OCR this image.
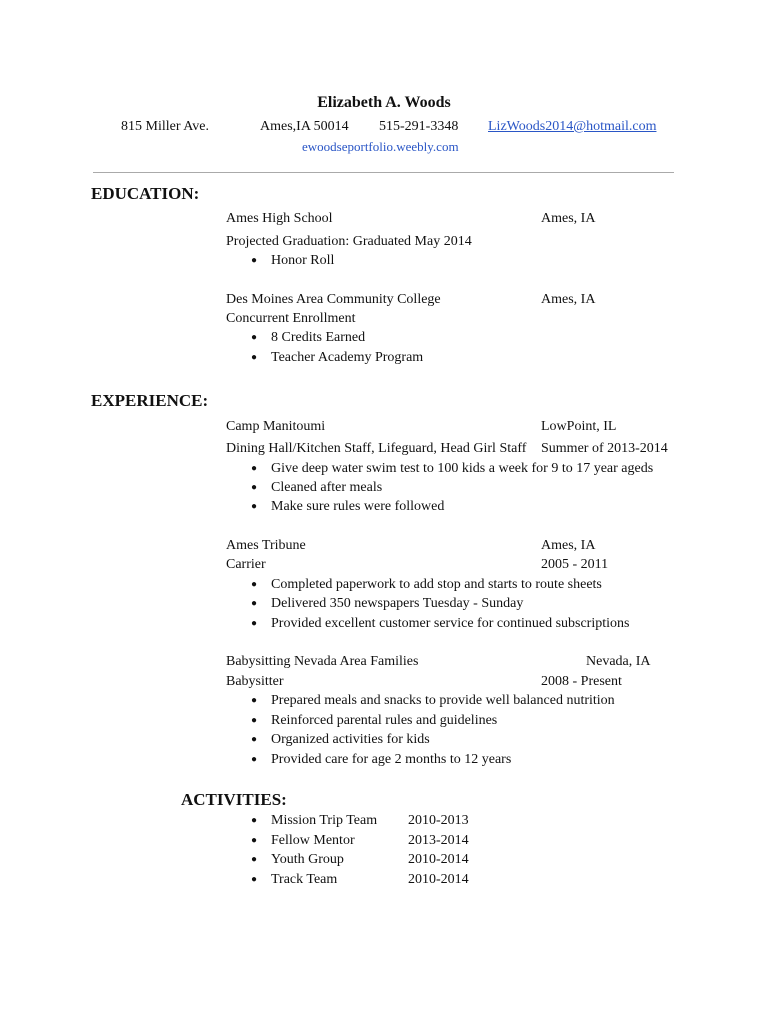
Elizabeth A. Woods
815 Miller Ave.	Ames,IA 50014 515-291-3348 LizWoods2014@hotmail.com
ewoodseportfolio.weebly.com
EDUCATION:
Ames High School	Ames, IA
Projected Graduation: Graduated May 2014
● Honor Roll
Des Moines Area Community College	Ames, IA
Concurrent Enrollment
● 8 Credits Earned
● Teacher Academy Program
EXPERIENCE:
Camp Manitoumi	LowPoint, IL
Dining Hall/Kitchen Staff, Lifeguard, Head Girl Staff Summer of 2013-2014
● Give deep water swim test to 100 kids a week for 9 to 17 year ageds
● Cleaned after meals
● Make sure rules were followed
Ames Tribune	Ames, IA
Carrier	2005 - 2011
● Completed paperwork to add stop and starts to route sheets
● Delivered 350 newspapers Tuesday - Sunday
● Provided excellent customer service for continued subscriptions
Babysitting Nevada Area Families	Nevada, IA
Babysitter	2008 - Present
● Prepared meals and snacks to provide well balanced nutrition
● Reinforced parental rules and guidelines
● Organized activities for kids
● Provided care for age 2 months to 12 years
ACTIVITIES:
● Mission Trip Team 2010-2013
● Fellow Mentor	2013-2014
● Youth Group	2010-2014
● Track Team	2010-2014
